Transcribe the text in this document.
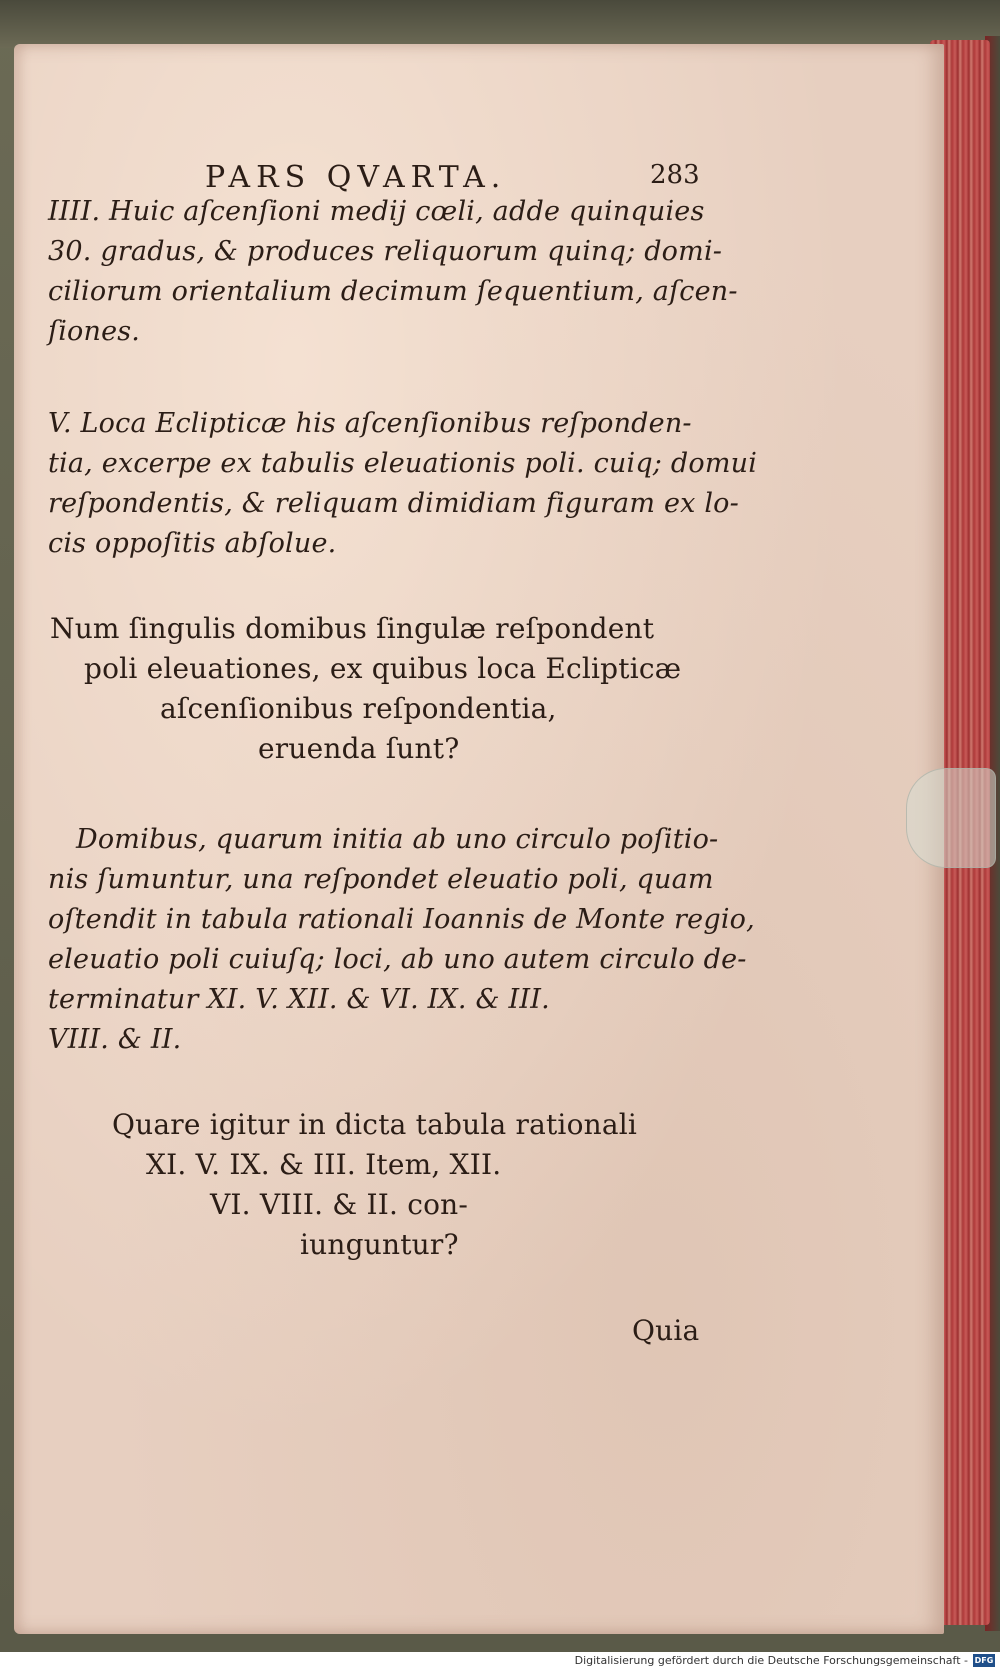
PARS QVARTA.	283
IIII. Huic aſcenſioni medij cœli, adde quinquies
30. gradus, & produces reliquorum quinq; domi-
ciliorum orientalium decimum ſequentium, aſcen-
ſiones.
V. Loca Eclipticæ his aſcenſionibus reſponden-
tia, excerpe ex tabulis eleuationis poli. cuiq; domui
reſpondentis, & reliquam dimidiam figuram ex lo-
cis oppoſitis abſolue.
Num ſingulis domibus ſingulæ reſpondent
poli eleuationes, ex quibus loca Eclipticæ
aſcenſionibus reſpondentia,
eruenda ſunt?
Domibus, quarum initia ab uno circulo poſitio-
nis ſumuntur, una reſpondet eleuatio poli, quam
oſtendit in tabula rationali Ioannis de Monte regio,
eleuatio poli cuiuſq; loci, ab uno autem circulo de-
terminatur XI. V. XII. & VI. IX. & III.
VIII. & II.
Quare igitur in dicta tabula rationali
XI. V. IX. & III. Item, XII.
VI. VIII. & II. con-
iunguntur?
Quia
Digitalisierung gefördert durch die Deutsche Forschungsgemeinschaft - DFG
